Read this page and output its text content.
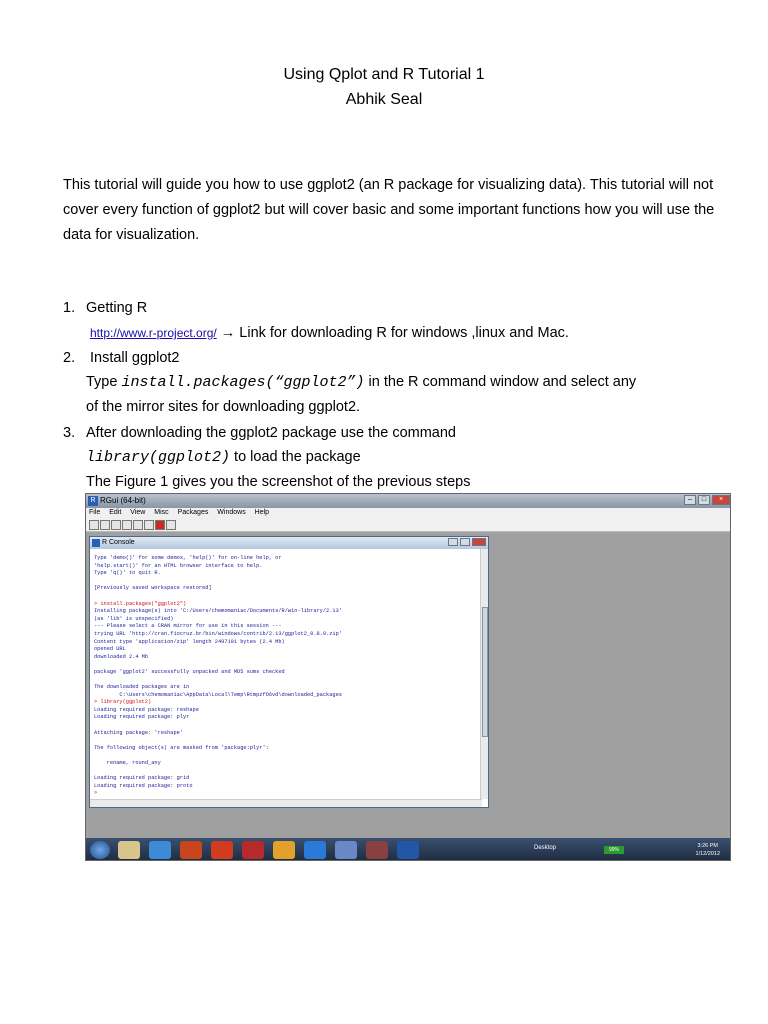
Using Qplot and R Tutorial 1
Abhik Seal
This tutorial will guide you how to use ggplot2 (an R package for visualizing data). This tutorial will not cover every function of ggplot2 but will cover basic and some important functions how you will use the data for visualization.
1. Getting R
http://www.r-project.org/ → Link for downloading R for windows ,linux and Mac.
2. Install ggplot2
Type install.packages(“ggplot2”) in the R command window and select any
of the mirror sites for downloading ggplot2.
3. After downloading the ggplot2 package use the command
library(ggplot2) to load the package
The Figure 1 gives you the screenshot of the previous steps
R RGui (64-bit)	–	□	×
File Edit View Misc Packages Windows Help
R Console
Type 'demo()' for some demos, 'help()' for on-line help, or
'help.start()' for an HTML browser interface to help.
Type 'q()' to quit R.

[Previously saved workspace restored]

> install.packages("ggplot2")
Installing package(s) into 'C:/Users/chemomaniac/Documents/R/win-library/2.13'
(as 'lib' is unspecified)
--- Please select a CRAN mirror for use in this session ---
trying URL 'http://cran.fiocruz.br/bin/windows/contrib/2.13/ggplot2_0.8.9.zip'
Content type 'application/zip' length 2497191 bytes (2.4 Mb)
opened URL
downloaded 2.4 Mb

package 'ggplot2' successfully unpacked and MD5 sums checked

The downloaded packages are in
C:\Users\chemomaniac\AppData\Local\Temp\RtmpzfO6vd\downloaded_packages
> library(ggplot2)
Loading required package: reshape
Loading required package: plyr

Attaching package: 'reshape'

The following object(s) are masked from 'package:plyr':

rename, round_any

Loading required package: grid
Loading required package: proto
>
Desktop	99%
3:26 PM
1/12/2012
